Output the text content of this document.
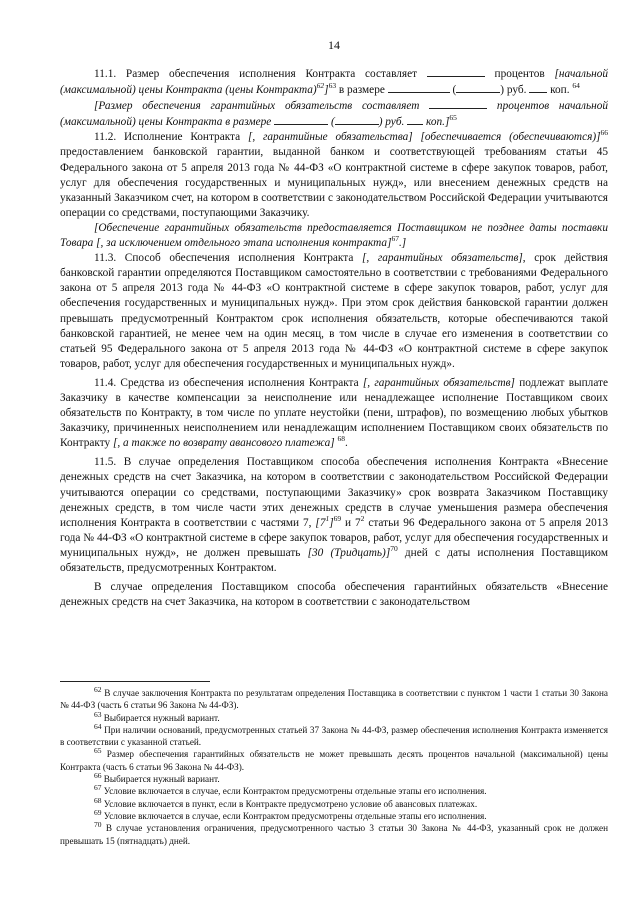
14

11.1. Размер обеспечения исполнения Контракта составляет	процентов [начальной (максимальной) цены Контракта (цены Контракта)$^{62}$]$^{63}$ в размере	(	) руб.  коп. $^{64}$

[Размер обеспечения гарантийных обязательств составляет	процентов начальной (максимальной) цены Контракта в размере	(	) руб.  коп.]$^{65}$

11.2. Исполнение Контракта [, гарантийные обязательства] [обеспечивается (обеспечиваются)]$^{66}$ предоставлением банковской гарантии, выданной банком и соответствующей требованиям статьи 45 Федерального закона от 5 апреля 2013 года № 44-ФЗ «О контрактной системе в сфере закупок товаров, работ, услуг для обеспечения государственных и муниципальных нужд», или внесением денежных средств на указанный Заказчиком счет, на котором в соответствии с законодательством Российской Федерации учитываются операции со средствами, поступающими Заказчику.

[Обеспечение гарантийных обязательств предоставляется Поставщиком не позднее даты поставки Товара [, за исключением отдельного этапа исполнения контракта]$^{67}$.]

11.3. Способ обеспечения исполнения Контракта [, гарантийных обязательств], срок действия банковской гарантии определяются Поставщиком самостоятельно в соответствии с требованиями Федерального закона от 5 апреля 2013 года № 44-ФЗ «О контрактной системе в сфере закупок товаров, работ, услуг для обеспечения государственных и муниципальных нужд». При этом срок действия банковской гарантии должен превышать предусмотренный Контрактом срок исполнения обязательств, которые обеспечиваются такой банковской гарантией, не менее чем на один месяц, в том числе в случае его изменения в соответствии со статьей 95 Федерального закона от 5 апреля 2013 года № 44-ФЗ «О контрактной системе в сфере закупок товаров, работ, услуг для обеспечения государственных и муниципальных нужд».

11.4. Средства из обеспечения исполнения Контракта [, гарантийных обязательств] подлежат выплате Заказчику в качестве компенсации за неисполнение или ненадлежащее исполнение Поставщиком своих обязательств по Контракту, в том числе по уплате неустойки (пени, штрафов), по возмещению любых убытков Заказчику, причиненных неисполнением или ненадлежащим исполнением Поставщиком своих обязательств по Контракту [, а также по возврату авансового платежа] $^{68}$.

11.5. В случае определения Поставщиком способа обеспечения исполнения Контракта «Внесение денежных средств на счет Заказчика, на котором в соответствии с законодательством Российской Федерации учитываются операции со средствами, поступающими Заказчику» срок возврата Заказчиком Поставщику денежных средств, в том числе части этих денежных средств в случае уменьшения размера обеспечения исполнения Контракта в соответствии с частями 7, $[7^1]^{69}$ и $7^2$ статьи 96 Федерального закона от 5 апреля 2013 года № 44-ФЗ «О контрактной системе в сфере закупок товаров, работ, услуг для обеспечения государственных и муниципальных нужд», не должен превышать [30 (Тридцать)]$^{70}$ дней с даты исполнения Поставщиком обязательств, предусмотренных Контрактом.

В случае определения Поставщиком способа обеспечения гарантийных обязательств «Внесение денежных средств на счет Заказчика, на котором в соответствии с законодательством

$^{62}$ В случае заключения Контракта по результатам определения Поставщика в соответствии с пунктом 1 части 1 статьи 30 Закона № 44-ФЗ (часть 6 статьи 96 Закона № 44-ФЗ).

$^{63}$ Выбирается нужный вариант.

$^{64}$ При наличии оснований, предусмотренных статьей 37 Закона № 44-ФЗ, размер обеспечения исполнения Контракта изменяется в соответствии с указанной статьей.

$^{65}$ Размер обеспечения гарантийных обязательств не может превышать десять процентов начальной (максимальной) цены Контракта (часть 6 статьи 96 Закона № 44-ФЗ).

$^{66}$ Выбирается нужный вариант.

$^{67}$ Условие включается в случае, если Контрактом предусмотрены отдельные этапы его исполнения.

$^{68}$ Условие включается в пункт, если в Контракте предусмотрено условие об авансовых платежах.

$^{69}$ Условие включается в случае, если Контрактом предусмотрены отдельные этапы его исполнения.

$^{70}$ В случае установления ограничения, предусмотренного частью 3 статьи 30 Закона № 44-ФЗ, указанный срок не должен превышать 15 (пятнадцать) дней.
